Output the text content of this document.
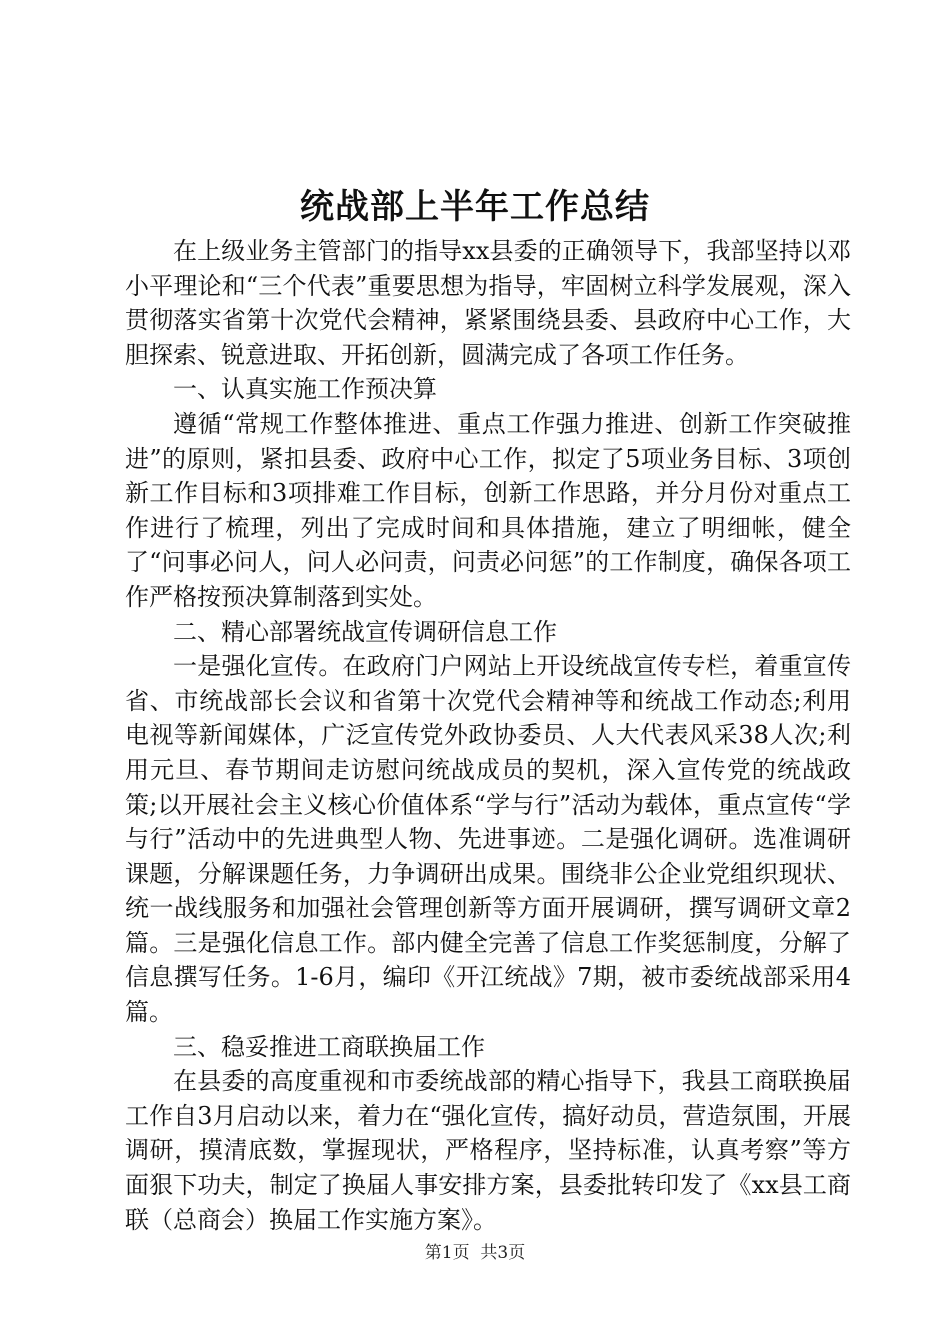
统战部上半年工作总结

在上级业务主管部门的指导xx县委的正确领导下，我部坚持以邓小平理论和“三个代表”重要思想为指导，牢固树立科学发展观，深入贯彻落实省第十次党代会精神，紧紧围绕县委、县政府中心工作，大胆探索、锐意进取、开拓创新，圆满完成了各项工作任务。

一、认真实施工作预决算

遵循“常规工作整体推进、重点工作强力推进、创新工作突破推进”的原则，紧扣县委、政府中心工作，拟定了5项业务目标、3项创新工作目标和3项排难工作目标，创新工作思路，并分月份对重点工作进行了梳理，列出了完成时间和具体措施，建立了明细帐，健全了“问事必问人，问人必问责，问责必问惩”的工作制度，确保各项工作严格按预决算制落到实处。

二、精心部署统战宣传调研信息工作

一是强化宣传。在政府门户网站上开设统战宣传专栏，着重宣传省、市统战部长会议和省第十次党代会精神等和统战工作动态;利用电视等新闻媒体，广泛宣传党外政协委员、人大代表风采38人次;利用元旦、春节期间走访慰问统战成员的契机，深入宣传党的统战政策;以开展社会主义核心价值体系“学与行”活动为载体，重点宣传“学与行”活动中的先进典型人物、先进事迹。二是强化调研。选准调研课题，分解课题任务，力争调研出成果。围绕非公企业党组织现状、统一战线服务和加强社会管理创新等方面开展调研，撰写调研文章2篇。三是强化信息工作。部内健全完善了信息工作奖惩制度，分解了信息撰写任务。1-6月，编印《开江统战》7期，被市委统战部采用4篇。

三、稳妥推进工商联换届工作

在县委的高度重视和市委统战部的精心指导下，我县工商联换届工作自3月启动以来，着力在“强化宣传，搞好动员，营造氛围，开展调研，摸清底数，掌握现状，严格程序，坚持标准，认真考察”等方面狠下功夫，制定了换届人事安排方案，县委批转印发了《xx县工商联（总商会）换届工作实施方案》。

第1页  共3页
